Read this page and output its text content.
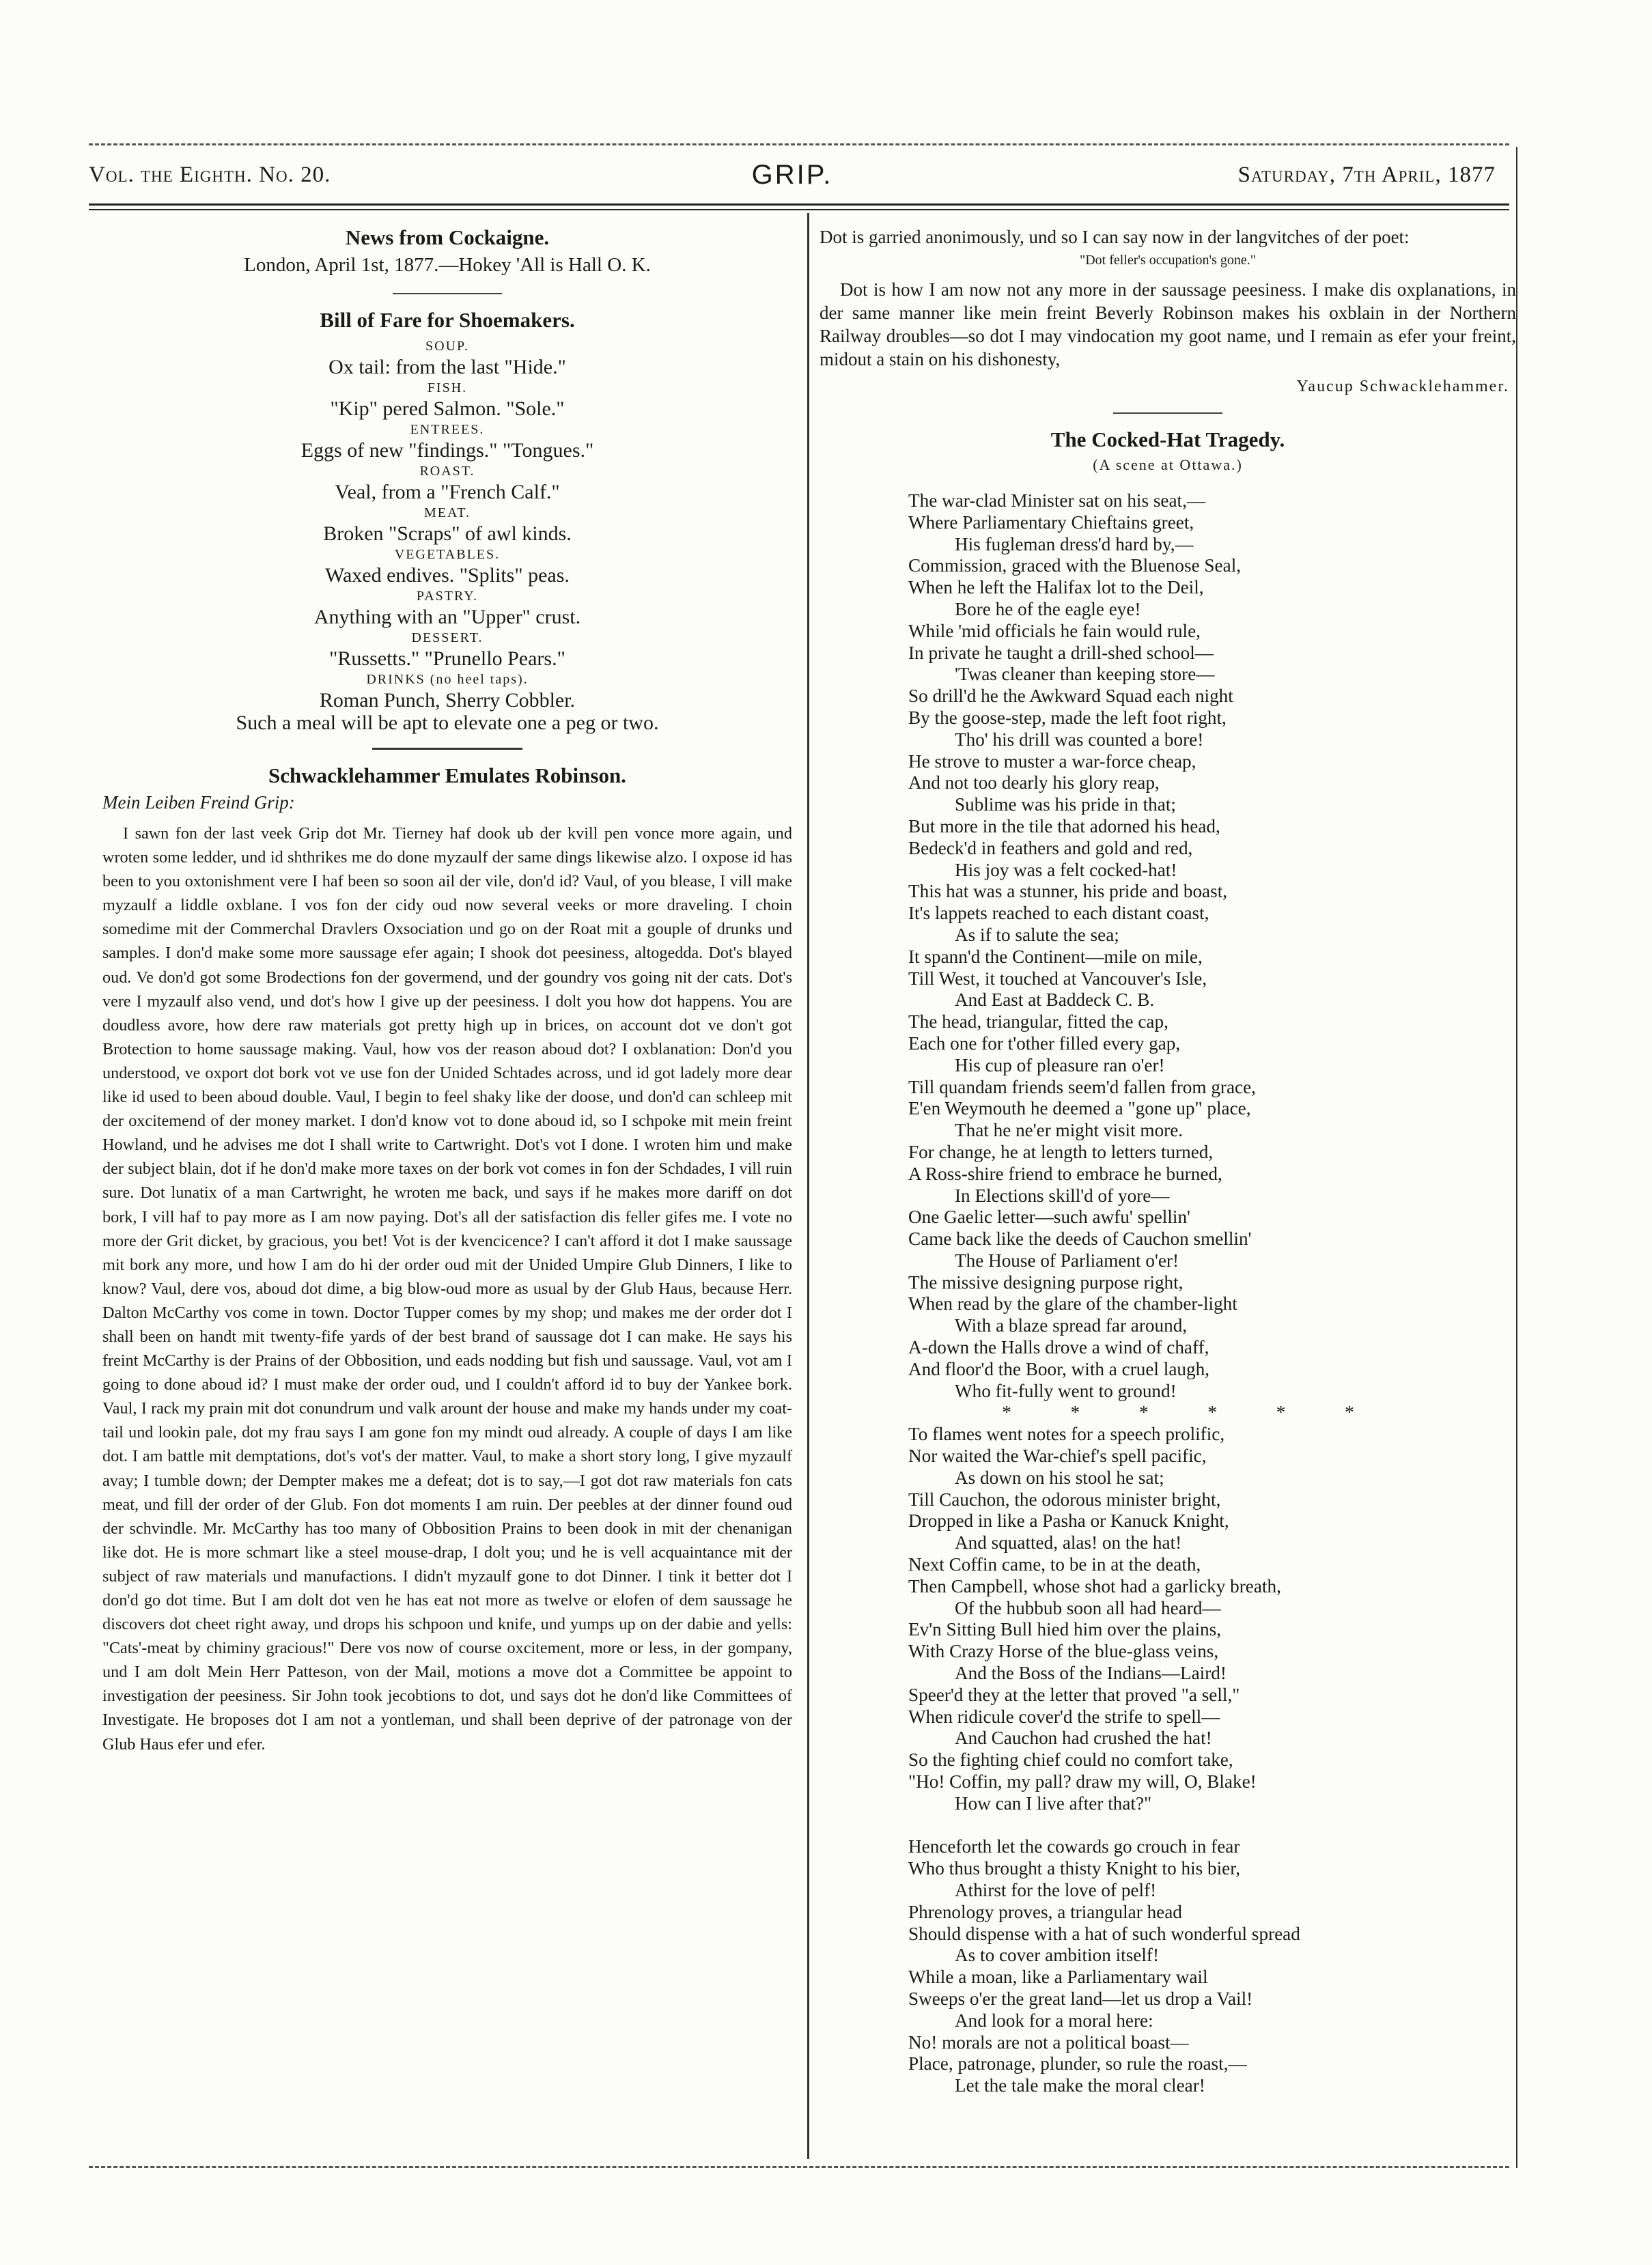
Vol. the Eighth. No. 20.	GRIP.	Saturday, 7th April, 1877
News from Cockaigne.
London, April 1st, 1877.—Hokey 'All is Hall O. K.
Bill of Fare for Shoemakers.

SOUP.

Ox tail: from the last "Hide."

FISH.

"Kip" pered Salmon. "Sole."

ENTREES.

Eggs of new "findings." "Tongues."

ROAST.

Veal, from a "French Calf."

MEAT.

Broken "Scraps" of awl kinds.

VEGETABLES.

Waxed endives. "Splits" peas.

PASTRY.

Anything with an "Upper" crust.

DESSERT.

"Russetts." "Prunello Pears."

DRINKS (no heel taps).

Roman Punch, Sherry Cobbler.

Such a meal will be apt to elevate one a peg or two.

Schwacklehammer Emulates Robinson.
Mein Leiben Freind Grip:

I sawn fon der last veek Grip dot Mr. Tierney haf dook ub der kvill pen vonce more again, und wroten some ledder, und id shthrikes me do done myzaulf der same dings likewise alzo. I oxpose id has been to you oxtonishment vere I haf been so soon ail der vile, don'd id? Vaul, of you blease, I vill make myzaulf a liddle oxblane. I vos fon der cidy oud now several veeks or more draveling. I choin somedime mit der Commerchal Dravlers Oxsociation und go on der Roat mit a gouple of drunks und samples. I don'd make some more saussage efer again; I shook dot peesiness, altogedda. Dot's blayed oud. Ve don'd got some Brodections fon der govermend, und der goundry vos going nit der cats. Dot's vere I myzaulf also vend, und dot's how I give up der peesiness. I dolt you how dot happens. You are doudless avore, how dere raw materials got pretty high up in brices, on account dot ve don't got Brotection to home saussage making. Vaul, how vos der reason aboud dot? I oxblanation: Don'd you understood, ve oxport dot bork vot ve use fon der Unided Schtades across, und id got ladely more dear like id used to been aboud double. Vaul, I begin to feel shaky like der doose, und don'd can schleep mit der oxcitemend of der money market. I don'd know vot to done aboud id, so I schpoke mit mein freint Howland, und he advises me dot I shall write to Cartwright. Dot's vot I done. I wroten him und make der subject blain, dot if he don'd make more taxes on der bork vot comes in fon der Schdades, I vill ruin sure. Dot lunatix of a man Cartwright, he wroten me back, und says if he makes more dariff on dot bork, I vill haf to pay more as I am now paying. Dot's all der satisfaction dis feller gifes me. I vote no more der Grit dicket, by gracious, you bet! Vot is der kvencicence? I can't afford it dot I make saussage mit bork any more, und how I am do hi der order oud mit der Unided Umpire Glub Dinners, I like to know? Vaul, dere vos, aboud dot dime, a big blow-oud more as usual by der Glub Haus, because Herr. Dalton McCarthy vos come in town. Doctor Tupper comes by my shop; und makes me der order dot I shall been on handt mit twenty-fife yards of der best brand of saussage dot I can make. He says his freint McCarthy is der Prains of der Obbosition, und eads nodding but fish und saussage. Vaul, vot am I going to done aboud id? I must make der order oud, und I couldn't afford id to buy der Yankee bork. Vaul, I rack my prain mit dot conundrum und valk arount der house and make my hands under my coat-tail und lookin pale, dot my frau says I am gone fon my mindt oud already. A couple of days I am like dot. I am battle mit demptations, dot's vot's der matter. Vaul, to make a short story long, I give myzaulf avay; I tumble down; der Dempter makes me a defeat; dot is to say,—I got dot raw materials fon cats meat, und fill der order of der Glub. Fon dot moments I am ruin. Der peebles at der dinner found oud der schvindle. Mr. McCarthy has too many of Obbosition Prains to been dook in mit der chenanigan like dot. He is more schmart like a steel mouse-drap, I dolt you; und he is vell acquaintance mit der subject of raw materials und manufactions. I didn't myzaulf gone to dot Dinner. I tink it better dot I don'd go dot time. But I am dolt dot ven he has eat not more as twelve or elofen of dem saussage he discovers dot cheet right away, und drops his schpoon und knife, und yumps up on der dabie and yells: "Cats'-meat by chiminy gracious!" Dere vos now of course oxcitement, more or less, in der gompany, und I am dolt Mein Herr Patteson, von der Mail, motions a move dot a Committee be appoint to investigation der peesiness. Sir John took jecobtions to dot, und says dot he don'd like Committees of Investigate. He broposes dot I am not a yontleman, und shall been deprive of der patronage von der Glub Haus efer und efer.

Dot is garried anonimously, und so I can say now in der langvitches of der poet:

"Dot feller's occupation's gone."

Dot is how I am now not any more in der saussage peesiness. I make dis oxplanations, in der same manner like mein freint Beverly Robinson makes his oxblain in der Northern Railway droubles—so dot I may vindocation my goot name, und I remain as efer your freint, midout a stain on his dishonesty,

Yaucup Schwacklehammer.
The Cocked-Hat Tragedy.
(A scene at Ottawa.)
The war-clad Minister sat on his seat,—
Where Parliamentary Chieftains greet,
His fugleman dress'd hard by,—
Commission, graced with the Bluenose Seal,
When he left the Halifax lot to the Deil,
Bore he of the eagle eye!
While 'mid officials he fain would rule,
In private he taught a drill-shed school—
'Twas cleaner than keeping store—
So drill'd he the Awkward Squad each night
By the goose-step, made the left foot right,
Tho' his drill was counted a bore!
He strove to muster a war-force cheap,
And not too dearly his glory reap,
Sublime was his pride in that;
But more in the tile that adorned his head,
Bedeck'd in feathers and gold and red,
His joy was a felt cocked-hat!
This hat was a stunner, his pride and boast,
It's lappets reached to each distant coast,
As if to salute the sea;
It spann'd the Continent—mile on mile,
Till West, it touched at Vancouver's Isle,
And East at Baddeck C. B.
The head, triangular, fitted the cap,
Each one for t'other filled every gap,
His cup of pleasure ran o'er!
Till quandam friends seem'd fallen from grace,
E'en Weymouth he deemed a "gone up" place,
That he ne'er might visit more.
For change, he at length to letters turned,
A Ross-shire friend to embrace he burned,
In Elections skill'd of yore—
One Gaelic letter—such awfu' spellin'
Came back like the deeds of Cauchon smellin'
The House of Parliament o'er!
The missive designing purpose right,
When read by the glare of the chamber-light
With a blaze spread far around,
A-down the Halls drove a wind of chaff,
And floor'd the Boor, with a cruel laugh,
Who fit-fully went to ground!
* * * * * *
To flames went notes for a speech prolific,
Nor waited the War-chief's spell pacific,
As down on his stool he sat;
Till Cauchon, the odorous minister bright,
Dropped in like a Pasha or Kanuck Knight,
And squatted, alas! on the hat!
Next Coffin came, to be in at the death,
Then Campbell, whose shot had a garlicky breath,
Of the hubbub soon all had heard—
Ev'n Sitting Bull hied him over the plains,
With Crazy Horse of the blue-glass veins,
And the Boss of the Indians—Laird!
Speer'd they at the letter that proved "a sell,"
When ridicule cover'd the strife to spell—
And Cauchon had crushed the hat!
So the fighting chief could no comfort take,
"Ho! Coffin, my pall? draw my will, O, Blake!
How can I live after that?"

Henceforth let the cowards go crouch in fear
Who thus brought a thisty Knight to his bier,
Athirst for the love of pelf!
Phrenology proves, a triangular head
Should dispense with a hat of such wonderful spread
As to cover ambition itself!
While a moan, like a Parliamentary wail
Sweeps o'er the great land—let us drop a Vail!
And look for a moral here:
No! morals are not a political boast—
Place, patronage, plunder, so rule the roast,—
Let the tale make the moral clear!
